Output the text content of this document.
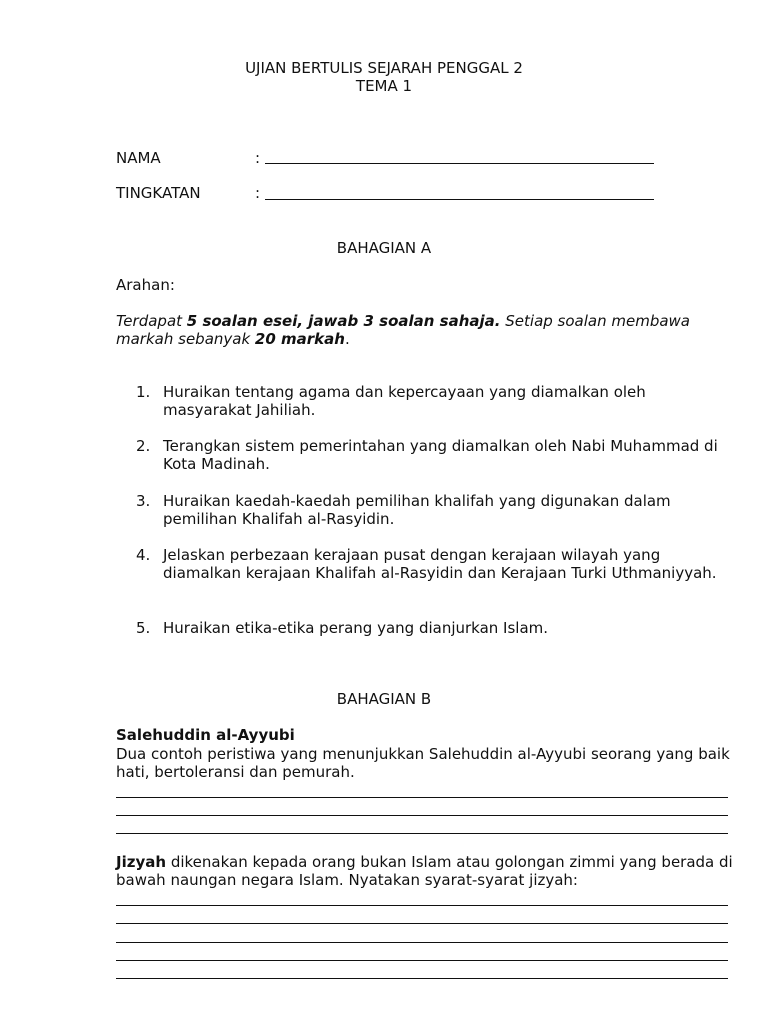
UJIAN BERTULIS SEJARAH PENGGAL 2
TEMA 1
NAMA	:
TINGKATAN	:
BAHAGIAN A
Arahan:
Terdapat 5 soalan esei, jawab 3 soalan sahaja. Setiap soalan membawa markah sebanyak 20 markah.
1. Huraikan tentang agama dan kepercayaan yang diamalkan oleh masyarakat Jahiliah.
2. Terangkan sistem pemerintahan yang diamalkan oleh Nabi Muhammad di Kota Madinah.
3. Huraikan kaedah-kaedah pemilihan khalifah yang digunakan dalam pemilihan Khalifah al-Rasyidin.
4. Jelaskan perbezaan kerajaan pusat dengan kerajaan wilayah yang diamalkan kerajaan Khalifah al-Rasyidin dan Kerajaan Turki Uthmaniyyah.
5. Huraikan etika-etika perang yang dianjurkan Islam.
BAHAGIAN B
Salehuddin al-Ayyubi
Dua contoh peristiwa yang menunjukkan Salehuddin al-Ayyubi seorang yang baik hati, bertoleransi dan pemurah.
Jizyah dikenakan kepada orang bukan Islam atau golongan zimmi yang berada di bawah naungan negara Islam. Nyatakan syarat-syarat jizyah:
